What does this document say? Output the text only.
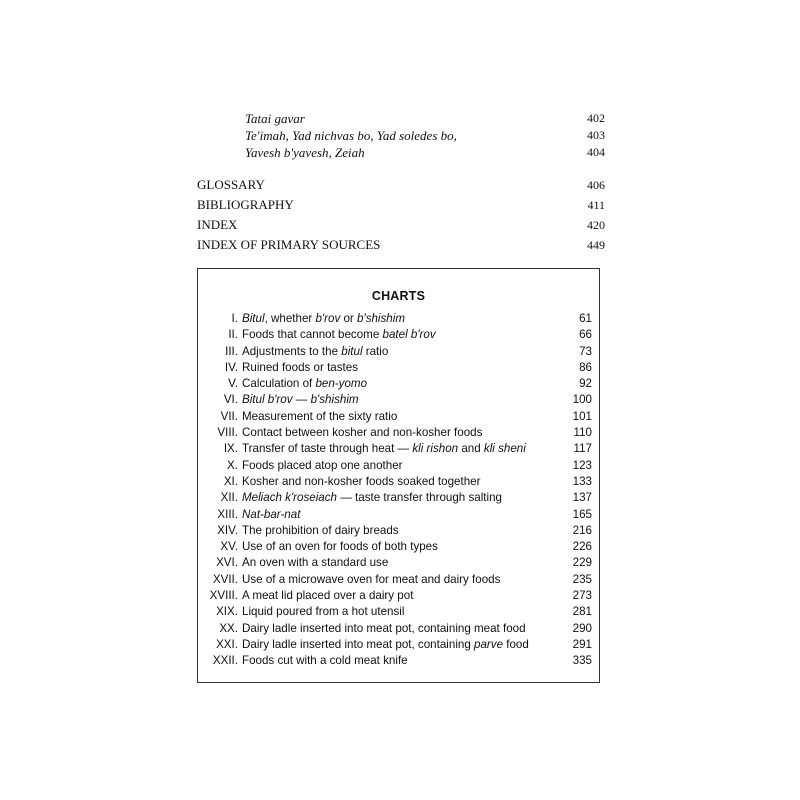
Tatai gavar	402
Te'imah, Yad nichvas bo, Yad soledes bo,	403
Yavesh b'yavesh, Zeiah	404
GLOSSARY	406
BIBLIOGRAPHY	411
INDEX	420
INDEX OF PRIMARY SOURCES	449
CHARTS
I. Bitul, whether b'rov or b'shishim	61
II. Foods that cannot become batel b'rov	66
III. Adjustments to the bitul ratio	73
IV. Ruined foods or tastes	86
V. Calculation of ben-yomo	92
VI. Bitul b'rov — b'shishim	100
VII. Measurement of the sixty ratio	101
VIII. Contact between kosher and non-kosher foods	110
IX. Transfer of taste through heat — kli rishon and kli sheni	117
X. Foods placed atop one another	123
XI. Kosher and non-kosher foods soaked together	133
XII. Meliach k'roseiach — taste transfer through salting	137
XIII. Nat-bar-nat	165
XIV. The prohibition of dairy breads	216
XV. Use of an oven for foods of both types	226
XVI. An oven with a standard use	229
XVII. Use of a microwave oven for meat and dairy foods	235
XVIII. A meat lid placed over a dairy pot	273
XIX. Liquid poured from a hot utensil	281
XX. Dairy ladle inserted into meat pot, containing meat food	290
XXI. Dairy ladle inserted into meat pot, containing parve food	291
XXII. Foods cut with a cold meat knife	335
